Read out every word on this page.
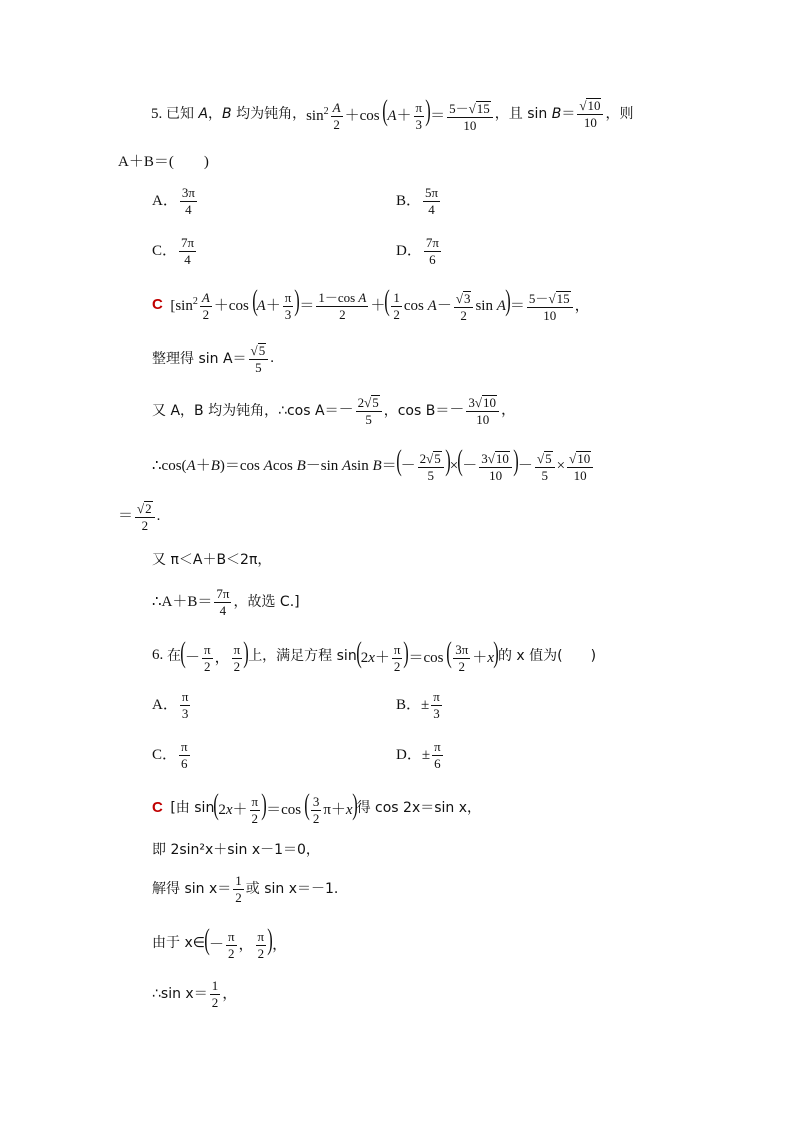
5.
已知 A，B 均为钝角， $\sin^2 \frac{A}{2} +\cos$ ($A+ \frac{\pi}{3}$ )＝ $\frac{5-√ 15}{10}$ ，且 $\sin B= \frac{√ 10}{10}$ ，则
A＋B＝(　　)
A． $\frac{3\pi}{4}$	B． $\frac{5\pi}{4}$
C． $\frac{7\pi}{4}$	D． $\frac{7\pi}{6}$
C
[$\sin^2 \frac{A}{2} +\cos$ ($A+ \frac{\pi}{3}$ )＝ $\frac{\text{1－cos A}}{2}$ ＋( $\frac{1}{2}$ $\cos A- \frac{√ 3}{2}$ $\sin A)= \frac{5-√ 15}{10}$ ，
整理得 $\sin A= \frac{√ 5}{5}$ .
又 A，B 均为钝角，∴cos $A= - \frac{2√ 5}{5}$ ，$\cos B= - \frac{3√ 10}{10}$ ，
∴cos(A＋B)＝cos Acos B－sin Asin $B=(- \frac{2√ 5}{5}$ )×(－ $\frac{3√ 10}{10}$ )－ $\frac{√ 5}{5} \times \frac{√ 10}{10}$
＝ $\frac{√ 2}{2}$ .
又 π＜A＋B＜2π，
∴A＋B＝ $\frac{7\pi}{4}$ ，故选 C.]
6.
在 (－ $\frac{\pi}{2}$ ， $\frac{\pi}{2}$ ) 上，满足方程 $\sin (2x+ \frac{\pi}{2} )=\cos$ ( $\frac{3\pi}{2} +x$) 的 x 值为(　　)
A． $\frac{\pi}{3}$	B． ± $\frac{\pi}{3}$
C． $\frac{\pi}{6}$	D． ± $\frac{\pi}{6}$
C
[由 $\sin (2x+ \frac{\pi}{2} )=\cos$ ( $\frac{3}{2} \pi+x$) 得 cos 2x＝sin x，
即 2sin²x＋sin x－1＝0，
解得 $\sin x= \frac{1}{2}$ 或 sin x＝－1.
由于 x∈ (－ $\frac{\pi}{2}$ ， $\frac{\pi}{2}$ )，
∴sin $x= \frac{1}{2}$ ，
